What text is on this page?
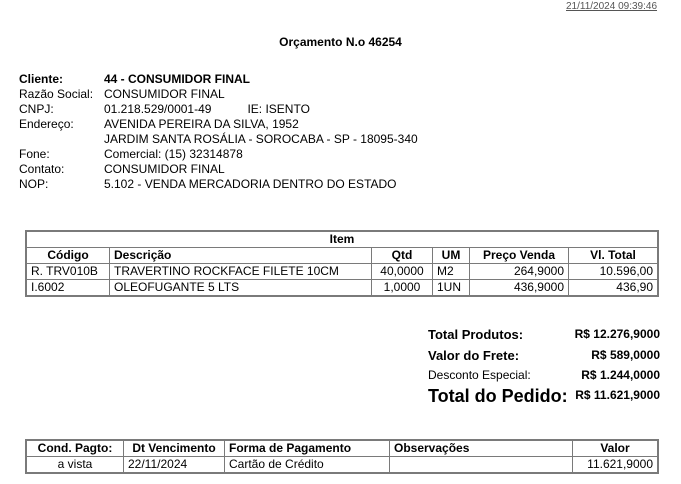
21/11/2024 09:39:46
Orçamento N.o 46254
Cliente:	44 - CONSUMIDOR FINAL
Razão Social: CONSUMIDOR FINAL
CNPJ:	01.218.529/0001-49	IE: ISENTO
Endereço:	AVENIDA PEREIRA DA SILVA, 1952
JARDIM SANTA ROSÁLIA - SOROCABA - SP - 18095-340
Fone:	Comercial: (15) 32314878
Contato:	CONSUMIDOR FINAL
NOP:	5.102 - VENDA MERCADORIA DENTRO DO ESTADO
Item					
Código	Descrição	Qtd	UM	Preço Venda	Vl. Total
R. TRV010B	TRAVERTINO ROCKFACE FILETE 10CM	40,0000	M2	264,9000	10.596,00
I.6002	OLEOFUGANTE 5 LTS	1,0000	1UN	436,9000	436,90
Total Produtos:	R$ 12.276,9000
Valor do Frete:	R$ 589,0000
Desconto Especial:	R$ 1.244,0000
Total do Pedido: R$ 11.621,9000
Cond. Pagto:	Dt Vencimento	Forma de Pagamento	Observações	Valor
a vista	22/11/2024	Cartão de Crédito		11.621,9000
